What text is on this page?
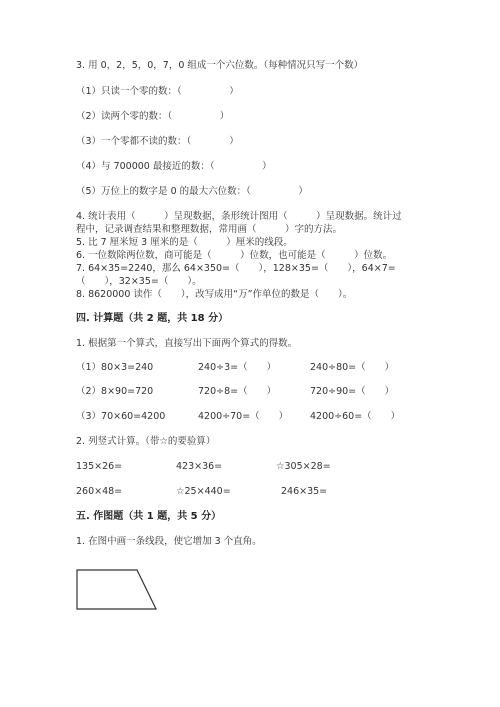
3. 用 0，2，5，0，7，0 组成一个六位数。（每种情况只写一个数）
（1）只读一个零的数：（　　　　　）
（2）读两个零的数：（　　　　　）
（3）一个零都不读的数：（　　　　）
（4）与 700000 最接近的数：（　　　　　）
（5）万位上的数字是 0 的最大六位数：（　　　　　）
4. 统计表用（　　　）呈现数据，条形统计图用（　　　）呈现数据。统计过
程中，记录调查结果和整理数据，常用画（　　　）字的方法。
5. 比 7 厘米短 3 厘米的是（　　　）厘米的线段。
6. 一位数除两位数，商可能是（　　　）位数，也可能是（　　　）位数。
7. 64×35=2240，那么 64×350=（　　），128×35=（　　），64×7=
（　　），32×35=（　　）。
8. 8620000 读作（　　），改写成用“万”作单位的数是（　　）。
四. 计算题（共 2 题，共 18 分）
1. 根据第一个算式，直接写出下面两个算式的得数。
（1）80×3=240	240÷3=（　　）	240÷80=（　　）
（2）8×90=720	720÷8=（　　）	720÷90=（　　）
（3）70×60=4200	4200÷70=（　　） 4200÷60=（　　）
2. 列竖式计算。（带☆的要验算）
135×26=	423×36=	☆305×28=
260×48=	☆25×440=	246×35=
五. 作图题（共 1 题，共 5 分）
1. 在图中画一条线段，使它增加 3 个直角。
